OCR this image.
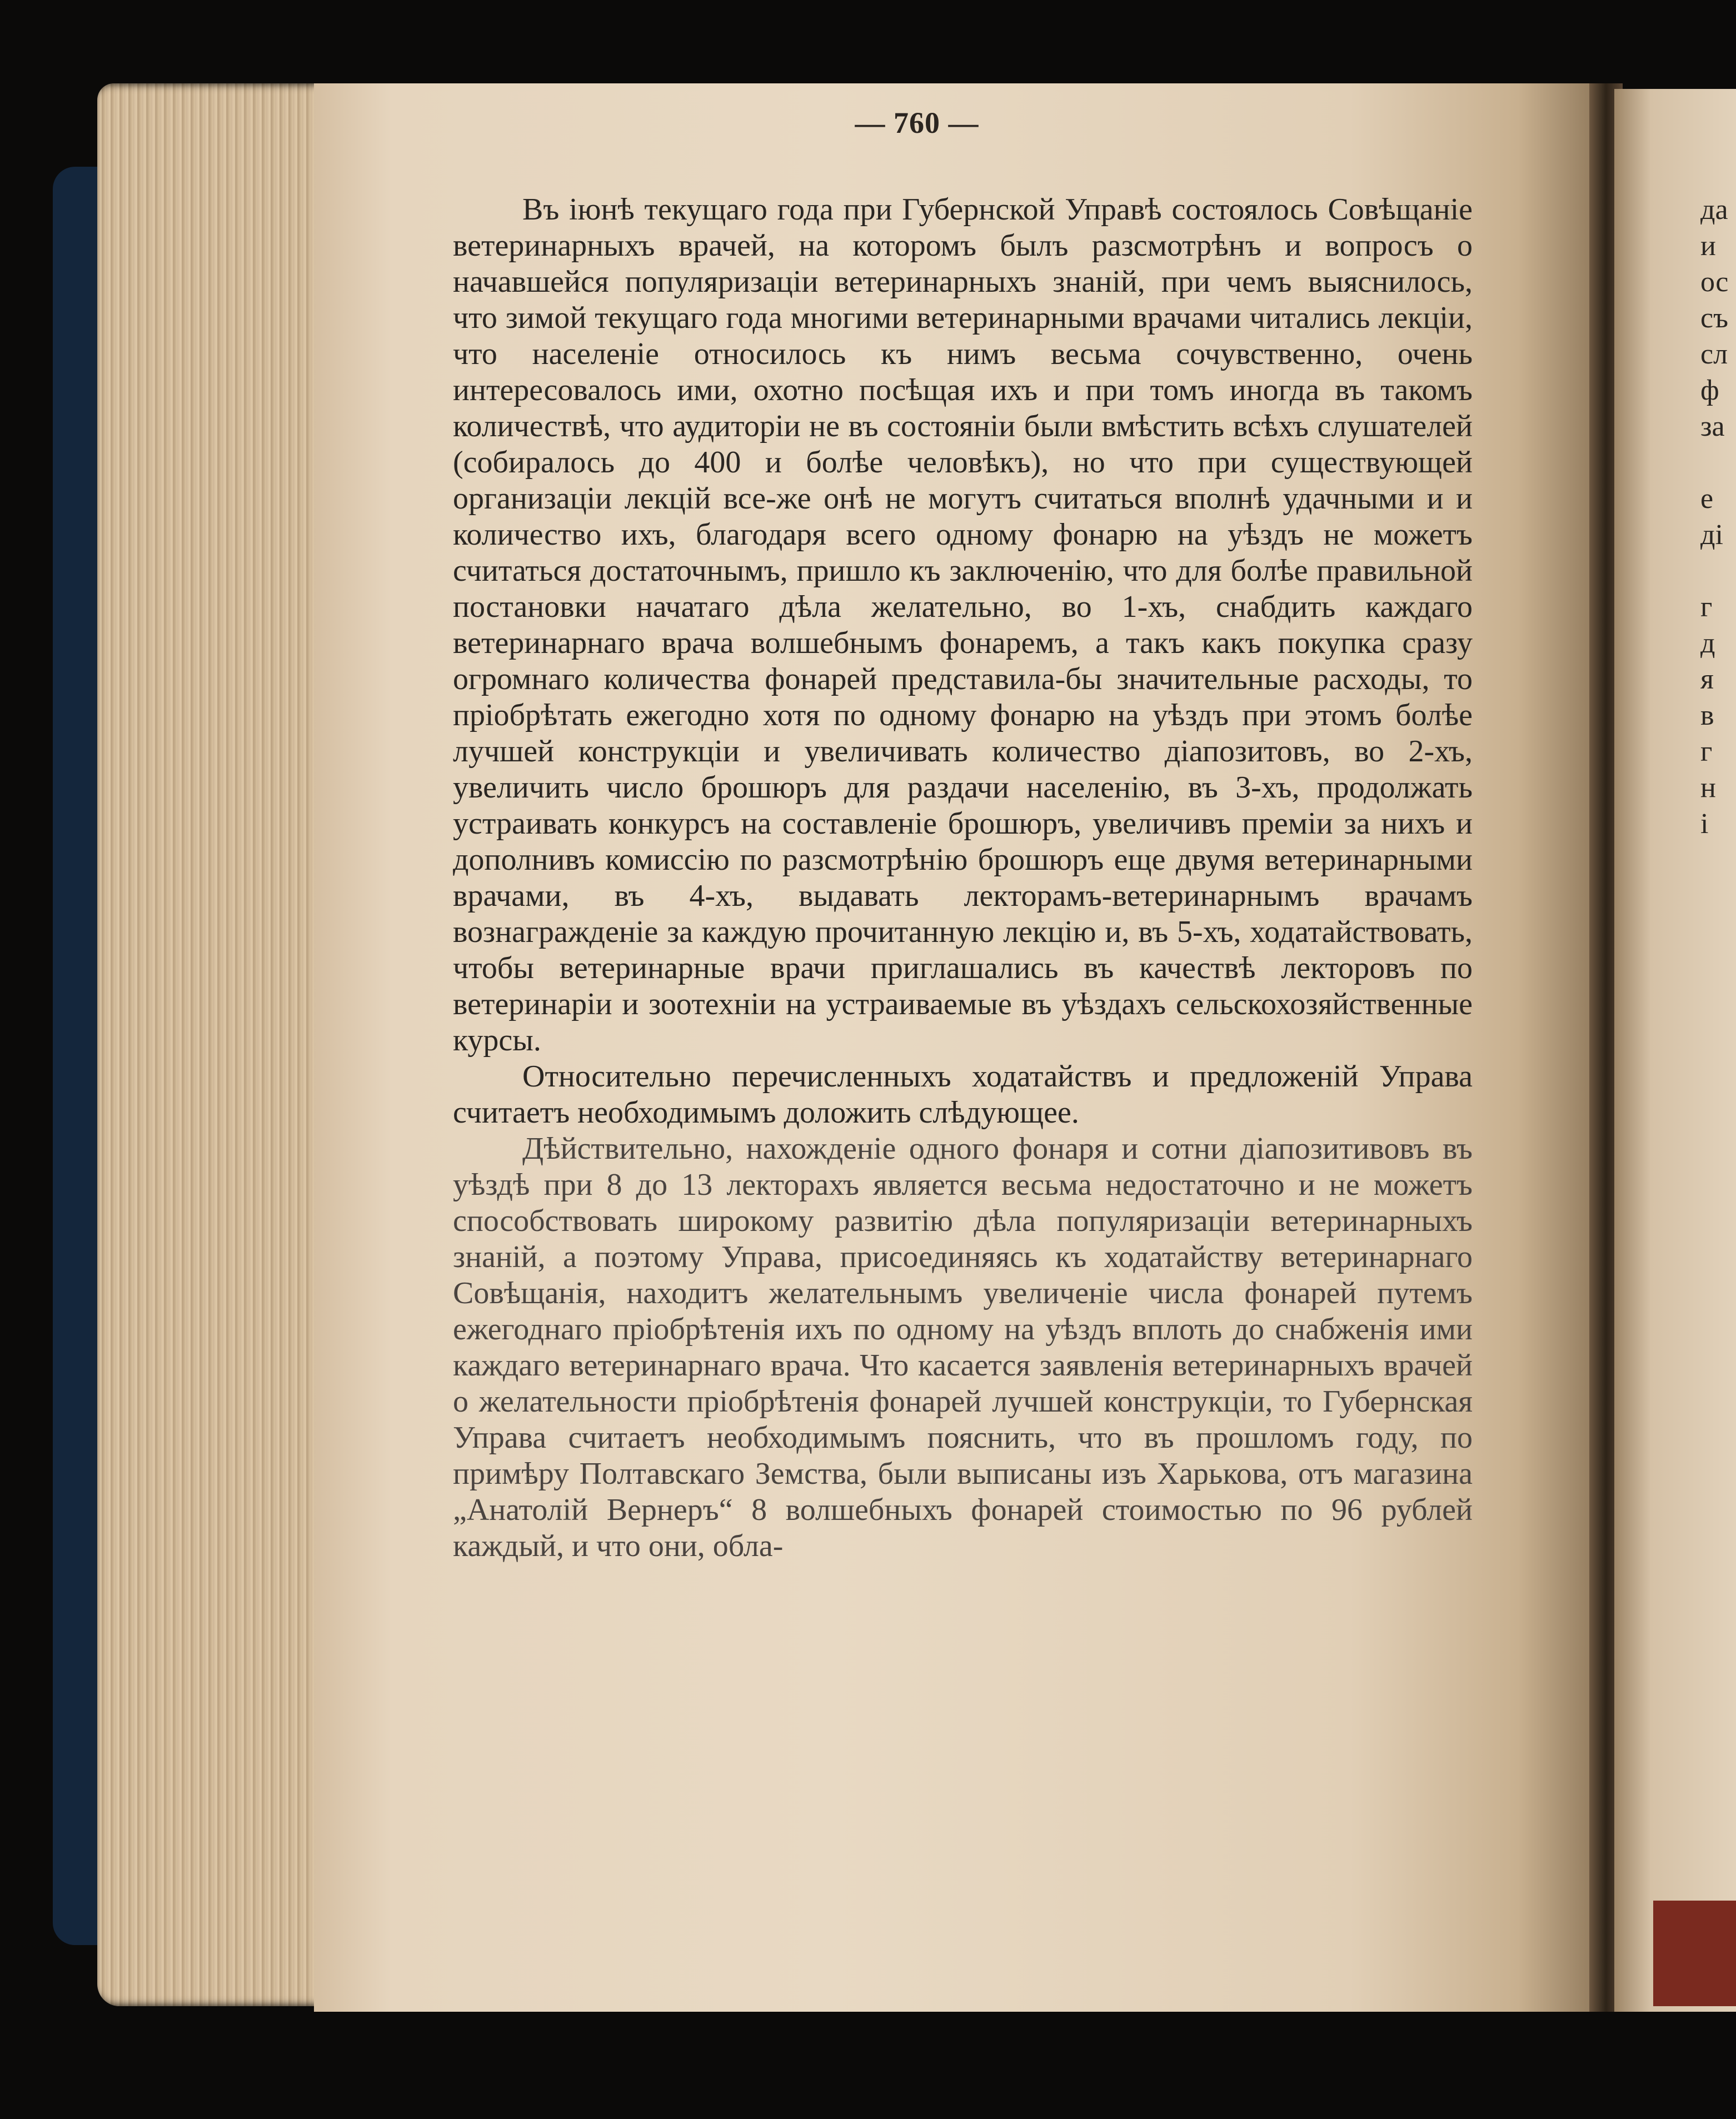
— 760 —

Въ іюнѣ текущаго года при Губернской Управѣ состоялось Совѣщаніе ветеринарныхъ врачей, на которомъ былъ разсмотрѣнъ и вопросъ о начавшейся популяризаціи ветеринарныхъ знаній, при чемъ выяснилось, что зимой текущаго года многими ветеринарными врачами читались лекціи, что населеніе относилось къ нимъ весьма сочувственно, очень интересовалось ими, охотно посѣщая ихъ и при томъ иногда въ такомъ количествѣ, что аудиторіи не въ состояніи были вмѣстить всѣхъ слушателей (собиралось до 400 и болѣе человѣкъ), но что при существующей организаціи лекцій все-же онѣ не могутъ считаться вполнѣ удачными и и количество ихъ, благодаря всего одному фонарю на уѣздъ не можетъ считаться достаточнымъ, пришло къ заключенію, что для болѣе правильной постановки начатаго дѣла желательно, во 1-хъ, снабдить каждаго ветеринарнаго врача волшебнымъ фонаремъ, а такъ какъ покупка сразу огромнаго количества фонарей представила-бы значительные расходы, то пріобрѣтать ежегодно хотя по одному фонарю на уѣздъ при этомъ болѣе лучшей конструкціи и увеличивать количество діапозитовъ, во 2-хъ, увеличить число брошюръ для раздачи населенію, въ 3-хъ, продолжать устраивать конкурсъ на составленіе брошюръ, увеличивъ преміи за нихъ и дополнивъ комиссію по разсмотрѣнію брошюръ еще двумя ветеринарными врачами, въ 4-хъ, выдавать лекторамъ-ветеринарнымъ врачамъ вознагражденіе за каждую прочитанную лекцію и, въ 5-хъ, ходатайствовать, чтобы ветеринарные врачи приглашались въ качествѣ лекторовъ по ветеринаріи и зоотехніи на устраиваемые въ уѣздахъ сельскохозяйственные курсы.

Относительно перечисленныхъ ходатайствъ и предложеній Управа считаетъ необходимымъ доложить слѣдующее.

Дѣйствительно, нахожденіе одного фонаря и сотни діапозитивовъ въ уѣздѣ при 8 до 13 лекторахъ является весьма недостаточно и не можетъ способствовать широкому развитію дѣла популяризаціи ветеринарныхъ знаній, а поэтому Управа, присоединяясь къ ходатайству ветеринарнаго Совѣщанія, находитъ желательнымъ увеличеніе числа фонарей путемъ ежегоднаго пріобрѣтенія ихъ по одному на уѣздъ вплоть до снабженія ими каждаго ветеринарнаго врача. Что касается заявленія ветеринарныхъ врачей о желательности пріобрѣтенія фонарей лучшей конструкціи, то Губернская Управа считаетъ необходимымъ пояснить, что въ прошломъ году, по примѣру Полтавскаго Земства, были выписаны изъ Харькова, отъ магазина „Анатолій Вернеръ“ 8 волшебныхъ фонарей стоимостью по 96 рублей каждый, и что они, обла-

да
и
ос
съ
сл
ф
за
е
ді
г
д
я
в
г
н
і
